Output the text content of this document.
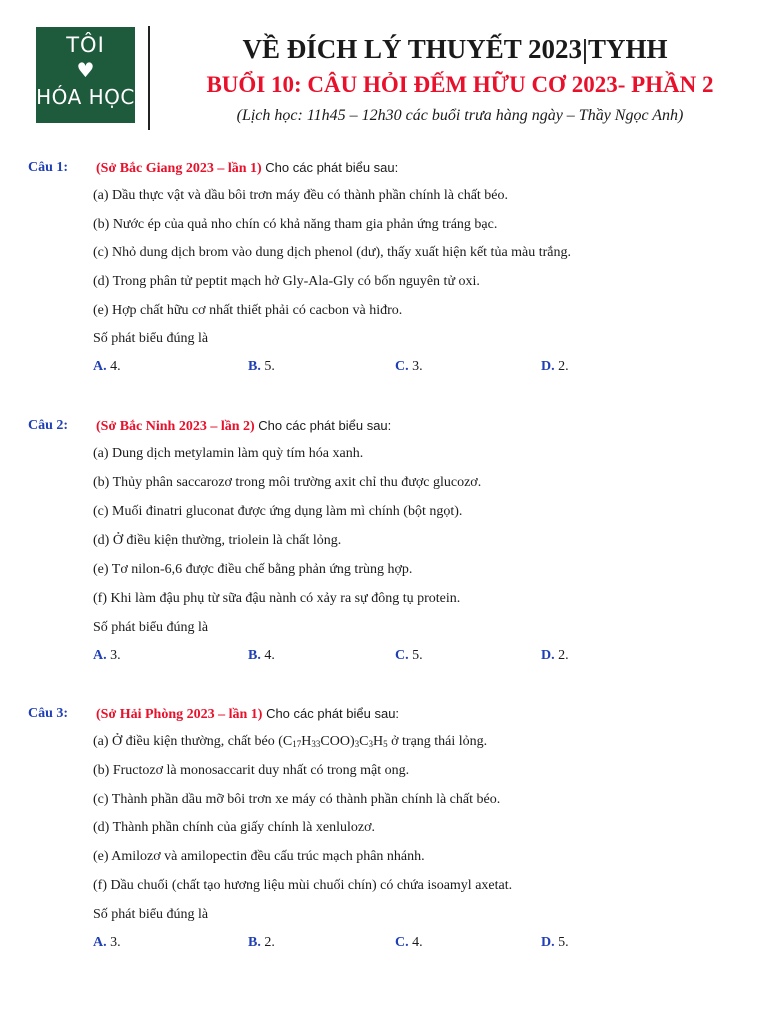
TÔI
♥
HÓA HỌC
VỀ ĐÍCH LÝ THUYẾT 2023|TYHH
BUỔI 10: CÂU HỎI ĐẾM HỮU CƠ 2023- PHẦN 2
(Lịch học: 11h45 – 12h30 các buổi trưa hàng ngày – Thầy Ngọc Anh)
Câu 1: (Sở Bắc Giang 2023 – lần 1) Cho các phát biểu sau:
(a) Dầu thực vật và dầu bôi trơn máy đều có thành phần chính là chất béo.
(b) Nước ép của quả nho chín có khả năng tham gia phản ứng tráng bạc.
(c) Nhỏ dung dịch brom vào dung dịch phenol (dư), thấy xuất hiện kết tủa màu trắng.
(d) Trong phân tử peptit mạch hở Gly-Ala-Gly có bốn nguyên tử oxi.
(e) Hợp chất hữu cơ nhất thiết phải có cacbon và hiđro.
Số phát biểu đúng là
A. 4.	B. 5.	C. 3.	D. 2.
Câu 2: (Sở Bắc Ninh 2023 – lần 2) Cho các phát biểu sau:
(a) Dung dịch metylamin làm quỳ tím hóa xanh.
(b) Thủy phân saccarozơ trong môi trường axit chỉ thu được glucozơ.
(c) Muối đinatri gluconat được ứng dụng làm mì chính (bột ngọt).
(d) Ở điều kiện thường, triolein là chất lỏng.
(e) Tơ nilon-6,6 được điều chế bằng phản ứng trùng hợp.
(f) Khi làm đậu phụ từ sữa đậu nành có xảy ra sự đông tụ protein.
Số phát biểu đúng là
A. 3.	B. 4.	C. 5.	D. 2.
Câu 3: (Sở Hải Phòng 2023 – lần 1) Cho các phát biểu sau:
(a) Ở điều kiện thường, chất béo $(C_{17}H_{33}COO)_3C_3H_5$ ở trạng thái lỏng.
(b) Fructozơ là monosaccarit duy nhất có trong mật ong.
(c) Thành phần dầu mỡ bôi trơn xe máy có thành phần chính là chất béo.
(d) Thành phần chính của giấy chính là xenlulozơ.
(e) Amilozơ và amilopectin đều cấu trúc mạch phân nhánh.
(f) Dầu chuối (chất tạo hương liệu mùi chuối chín) có chứa isoamyl axetat.
Số phát biểu đúng là
A. 3.	B. 2.	C. 4.	D. 5.
